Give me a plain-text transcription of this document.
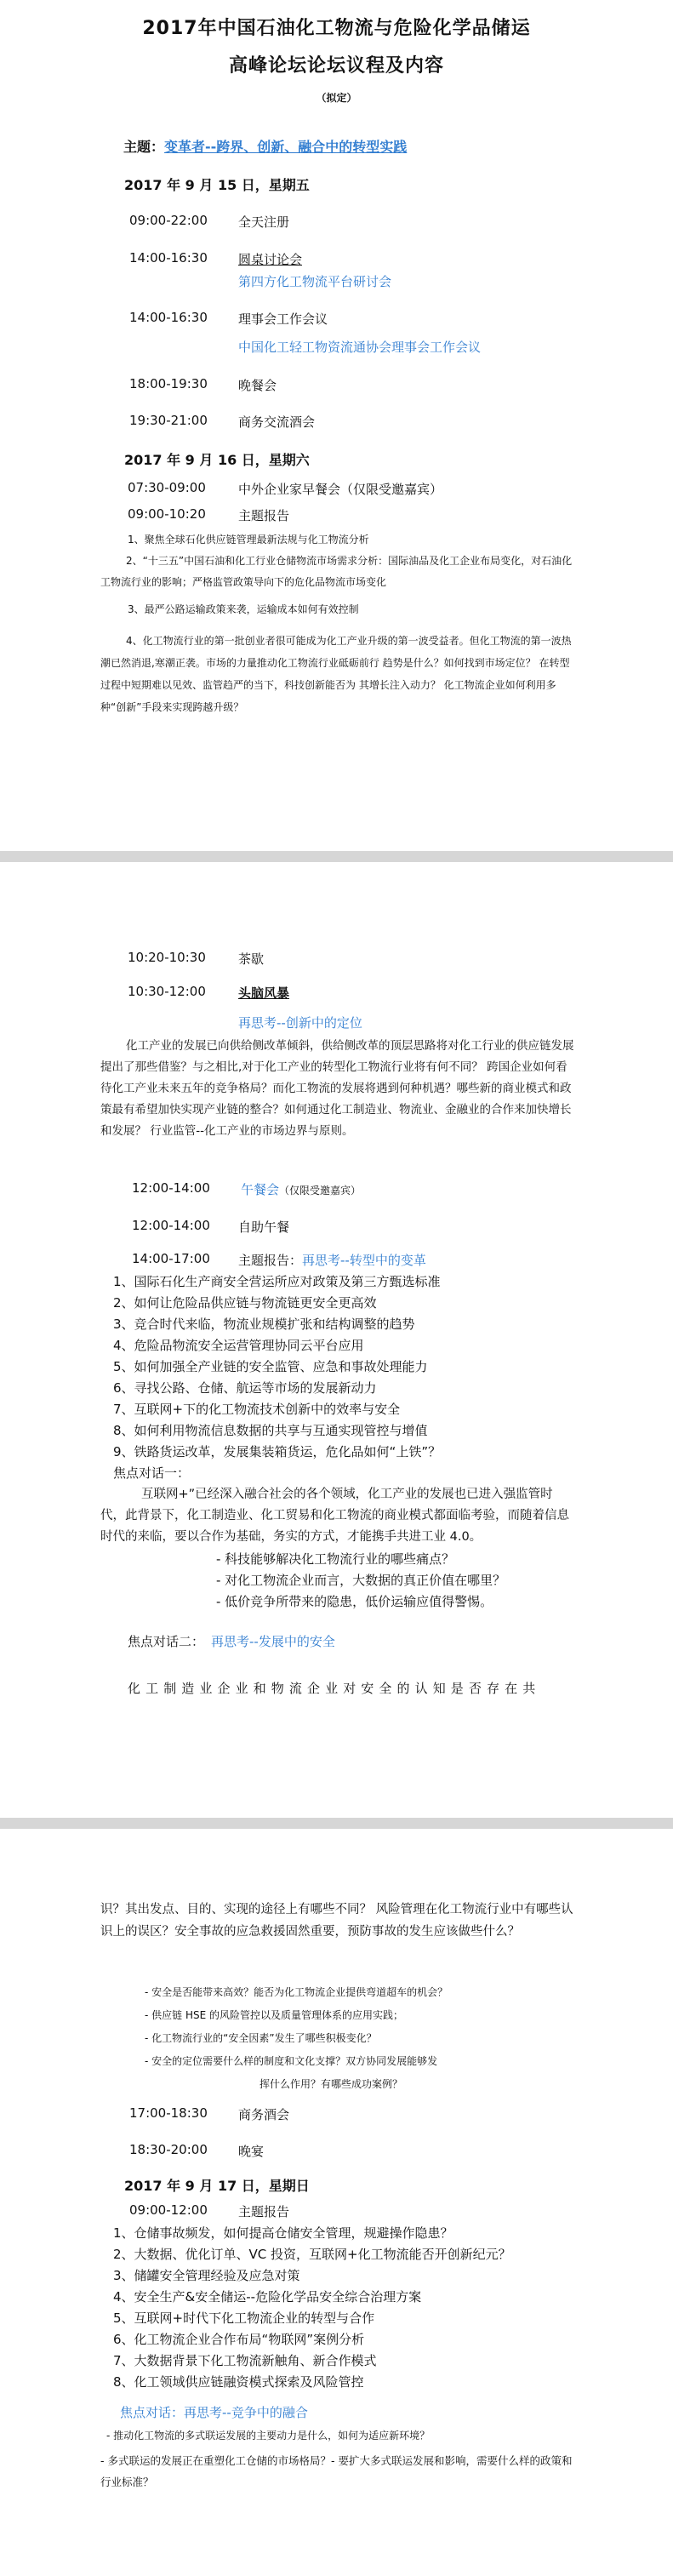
2017年中国石油化工物流与危险化学品储运
高峰论坛论坛议程及内容
（拟定）
主题：变革者--跨界、创新、融合中的转型实践
2017 年 9 月 15 日，星期五
09:00-22:00 全天注册
14:00-16:30 圆桌讨论会
第四方化工物流平台研讨会
14:00-16:30 理事会工作会议
中国化工轻工物资流通协会理事会工作会议
18:00-19:30 晚餐会
19:30-21:00 商务交流酒会
2017 年 9 月 16 日，星期六
07:30-09:00	中外企业家早餐会（仅限受邀嘉宾）
09:00-10:20	主题报告
1、聚焦全球石化供应链管理最新法规与化工物流分析
2、“十三五”中国石油和化工行业仓储物流市场需求分析：国际油品及化工企业布局变化，对石油化工物流行业的影响；严格监管政策导向下的危化品物流市场变化
3、最严公路运输政策来袭，运输成本如何有效控制
4、化工物流行业的第一批创业者很可能成为化工产业升级的第一波受益者。但化工物流的第一波热潮已然消退,寒潮正袭。市场的力量推动化工物流行业砥砺前行 趋势是什么？如何找到市场定位？ 在转型过程中短期难以见效、监管趋严的当下，科技创新能否为 其增长注入动力？ 化工物流企业如何利用多种“创新”手段来实现跨越升级？
10:20-10:30	茶歇
10:30-12:00	头脑风暴
再思考--创新中的定位
化工产业的发展已向供给侧改革倾斜，供给侧改革的顶层思路将对化工行业的供应链发展提出了那些借鉴？与之相比,对于化工产业的转型化工物流行业将有何不同？ 跨国企业如何看待化工产业未来五年的竞争格局？而化工物流的发展将遇到何种机遇？哪些新的商业模式和政策最有希望加快实现产业链的整合？如何通过化工制造业、物流业、金融业的合作来加快增长和发展？ 行业监管--化工产业的市场边界与原则。
12:00-14:00 午餐会（仅限受邀嘉宾）
12:00-14:00 自助午餐
14:00-17:00 主题报告：再思考--转型中的变革
1、国际石化生产商安全营运所应对政策及第三方甄选标准
2、如何让危险品供应链与物流链更安全更高效
3、竞合时代来临，物流业规模扩张和结构调整的趋势
4、危险品物流安全运营管理协同云平台应用
5、如何加强全产业链的安全监管、应急和事故处理能力
6、寻找公路、仓储、航运等市场的发展新动力
7、互联网+下的化工物流技术创新中的效率与安全
8、如何利用物流信息数据的共享与互通实现管控与增值
9、铁路货运改革，发展集装箱货运，危化品如何“上铁”？
焦点对话一：
互联网+”已经深入融合社会的各个领域，化工产业的发展也已进入强监管时代，此背景下，化工制造业、化工贸易和化工物流的商业模式都面临考验，而随着信息时代的来临，要以合作为基础，务实的方式，才能携手共进工业 4.0。
- 科技能够解决化工物流行业的哪些痛点？
- 对化工物流企业而言，大数据的真正价值在哪里？
- 低价竞争所带来的隐患，低价运输应值得警惕。
焦点对话二： 再思考--发展中的安全
化工制造业企业和物流企业对安全的认知是否存在共
识？其出发点、目的、实现的途径上有哪些不同？ 风险管理在化工物流行业中有哪些认识上的误区？安全事故的应急救援固然重要，预防事故的发生应该做些什么？
- 安全是否能带来高效？能否为化工物流企业提供弯道超车的机会？
- 供应链 HSE 的风险管控以及质量管理体系的应用实践；
- 化工物流行业的“安全因素”发生了哪些积极变化？
- 安全的定位需要什么样的制度和文化支撑？双方协同发展能够发
挥什么作用？有哪些成功案例？
17:00-18:30 商务酒会
18:30-20:00 晚宴
2017 年 9 月 17 日，星期日
09:00-12:00 主题报告
1、仓储事故频发，如何提高仓储安全管理，规避操作隐患？
2、大数据、优化订单、VC 投资，互联网+化工物流能否开创新纪元？
3、储罐安全管理经验及应急对策
4、安全生产&安全储运--危险化学品安全综合治理方案
5、互联网+时代下化工物流企业的转型与合作
6、化工物流企业合作布局“物联网”案例分析
7、大数据背景下化工物流新触角、新合作模式
8、化工领域供应链融资模式探索及风险管控
焦点对话：再思考--竞争中的融合
- 推动化工物流的多式联运发展的主要动力是什么，如何为适应新环境？
- 多式联运的发展正在重塑化工仓储的市场格局？- 要扩大多式联运发展和影响，需要什么样的政策和行业标准？
